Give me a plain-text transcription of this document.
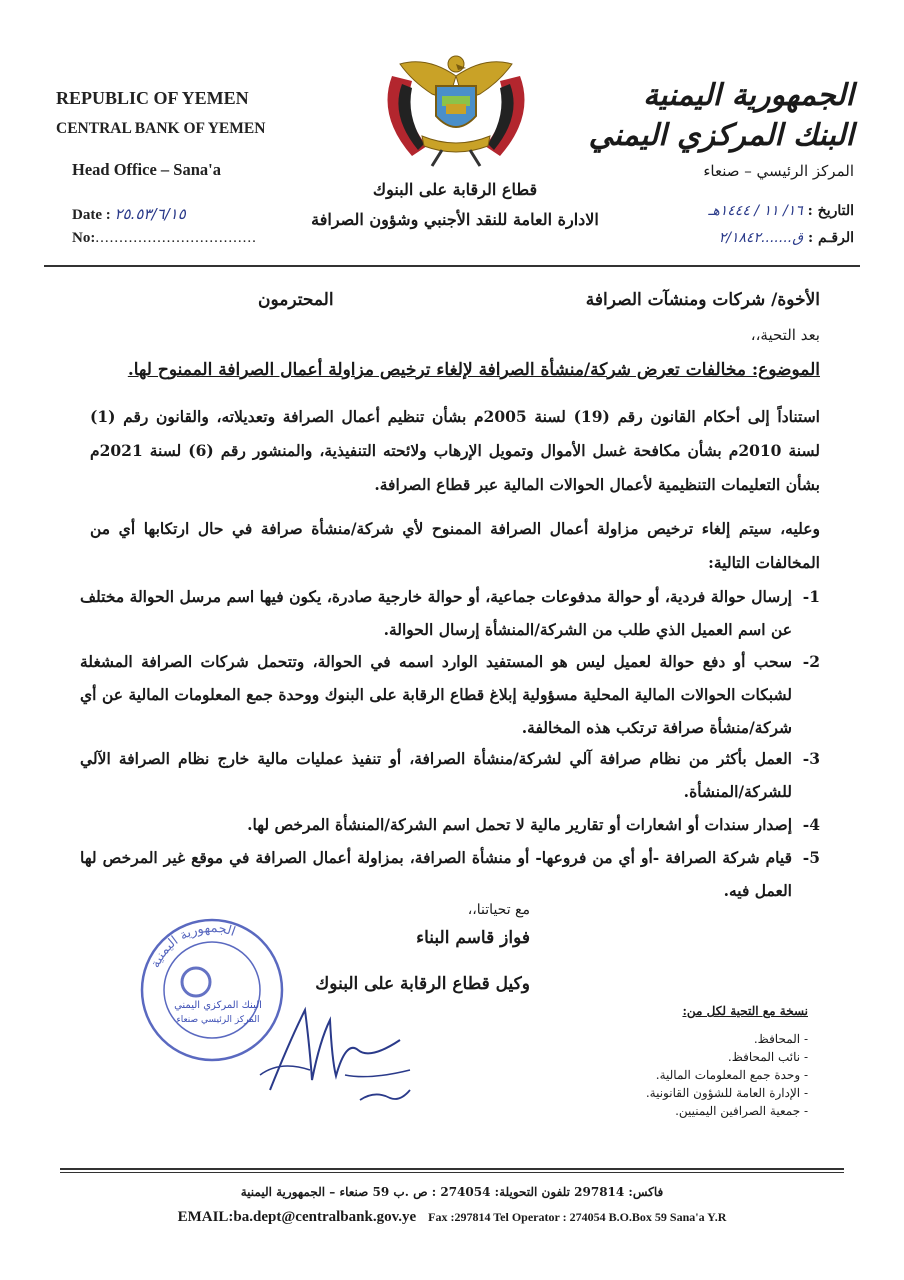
REPUBLIC OF YEMEN
CENTRAL BANK OF YEMEN
Head Office – Sana'a
Date : ٢٥.٥٣/٦/١٥
No:..................................
الجمهورية اليمنية
البنك المركزي اليمني
المركز الرئيسي – صنعاء
التاريخ : ١٦/ ١١ / ١٤٤٤هـ
الرقـم : ق.......٢/١٨٤٢
قطاع الرقابة على البنوك
الادارة العامة للنقد الأجنبي وشؤون الصرافة
الأخوة/ شركات ومنشآت الصرافة
المحترمون
بعد التحية،،
الموضوع: مخالفات تعرض شركة/منشأة الصرافة لإلغاء ترخيص مزاولة أعمال الصرافة الممنوح لها.
استناداً إلى أحكام القانون رقم (19) لسنة 2005م بشأن تنظيم أعمال الصرافة وتعديلاته، والقانون رقم (1) لسنة 2010م بشأن مكافحة غسل الأموال وتمويل الإرهاب ولائحته التنفيذية، والمنشور رقم (6) لسنة 2021م بشأن التعليمات التنظيمية لأعمال الحوالات المالية عبر قطاع الصرافة.
وعليه، سيتم إلغاء ترخيص مزاولة أعمال الصرافة الممنوح لأي شركة/منشأة صرافة في حال ارتكابها أي من المخالفات التالية:
1-
إرسال حوالة فردية، أو حوالة مدفوعات جماعية، أو حوالة خارجية صادرة، يكون فيها اسم مرسل الحوالة مختلف عن اسم العميل الذي طلب من الشركة/المنشأة إرسال الحوالة.
2-
سحب أو دفع حوالة لعميل ليس هو المستفيد الوارد اسمه في الحوالة، وتتحمل شركات الصرافة المشغلة لشبكات الحوالات المالية المحلية مسؤولية إبلاغ قطاع الرقابة على البنوك ووحدة جمع المعلومات المالية عن أي شركة/منشأة صرافة ترتكب هذه المخالفة.
3-
العمل بأكثر من نظام صرافة آلي لشركة/منشأة الصرافة، أو تنفيذ عمليات مالية خارج نظام الصرافة الآلي للشركة/المنشأة.
4-
إصدار سندات أو اشعارات أو تقارير مالية لا تحمل اسم الشركة/المنشأة المرخص لها.
5-
قيام شركة الصرافة -أو أي من فروعها- أو منشأة الصرافة، بمزاولة أعمال الصرافة في موقع غير المرخص لها العمل فيه.
مع تحياتنا،،
الجمهورية اليمنية
البنك المركزي اليمني
المركز الرئيسي صنعاء
فواز قاسم البناء
وكيل قطاع الرقابة على البنوك
نسخة مع التحية لكل من:
- المحافظ.
- نائب المحافظ.
- وحدة جمع المعلومات المالية.
- الإدارة العامة للشؤون القانونية.
- جمعية الصرافين اليمنيين.
فاكس: 297814 تلفون التحويلة: 274054 : ص .ب 59 صنعاء – الجمهورية اليمنية
EMAIL:ba.dept@centralbank.gov.ye Fax :297814 Tel Operator : 274054 B.O.Box 59 Sana'a Y.R
